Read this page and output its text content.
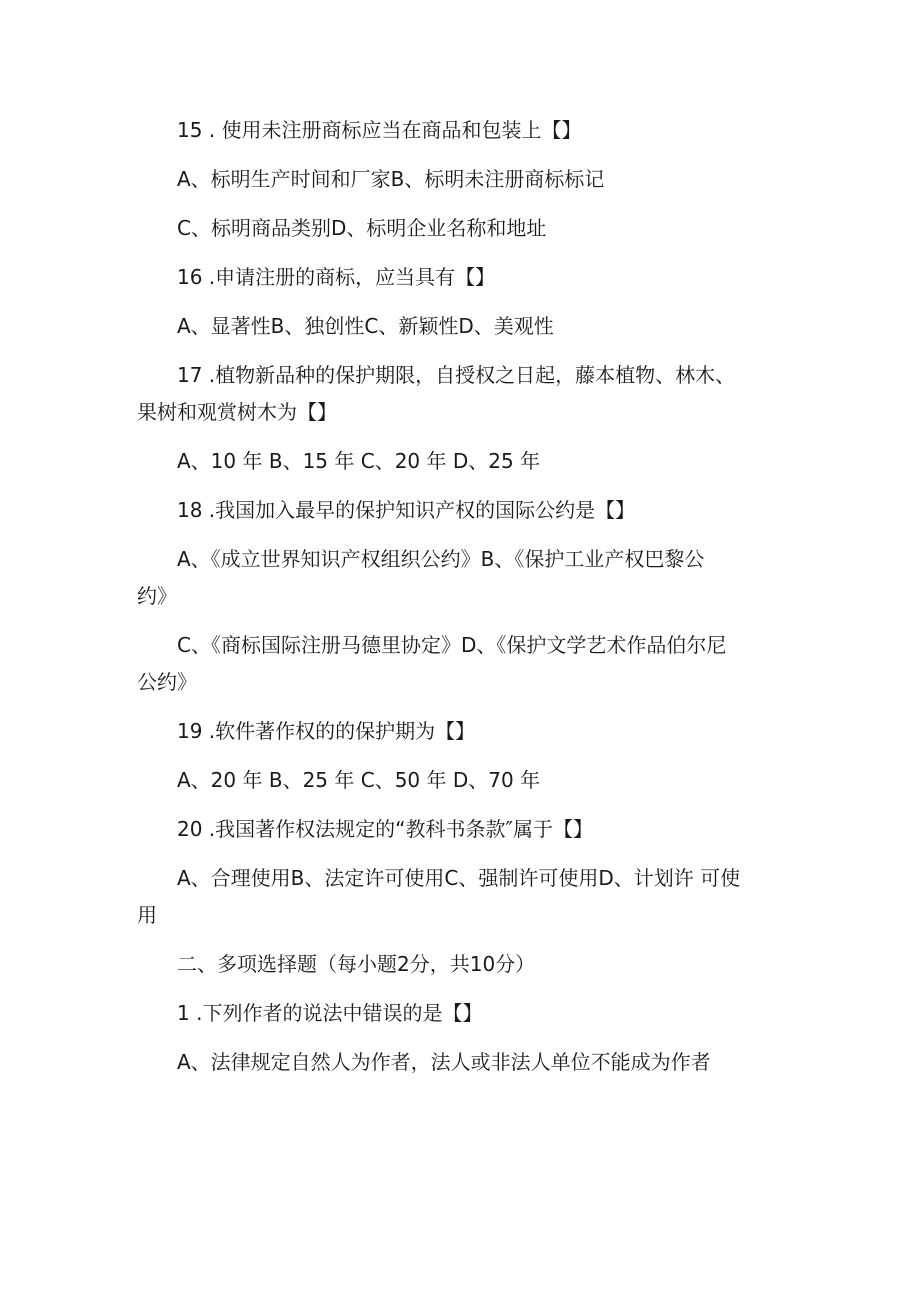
15 . 使用未注册商标应当在商品和包装上【】
A、标明生产时间和厂家B、标明未注册商标标记
C、标明商品类别D、标明企业名称和地址
16 .申请注册的商标，应当具有【】
A、显著性B、独创性C、新颖性D、美观性
17 .植物新品种的保护期限，自授权之日起，藤本植物、林木、
果树和观赏树木为【】
A、10 年 B、15 年 C、20 年 D、25 年
18 .我国加入最早的保护知识产权的国际公约是【】
A、《成立世界知识产权组织公约》B、《保护工业产权巴黎公
约》
C、《商标国际注册马德里协定》D、《保护文学艺术作品伯尔尼
公约》
19 .软件著作权的的保护期为【】
A、20 年 B、25 年 C、50 年 D、70 年
20 .我国著作权法规定的“教科书条款″属于【】
A、合理使用B、法定许可使用C、强制许可使用D、计划许 可使
用
二、多项选择题（每小题2分，共10分）
1 .下列作者的说法中错误的是【】
A、法律规定自然人为作者，法人或非法人单位不能成为作者
